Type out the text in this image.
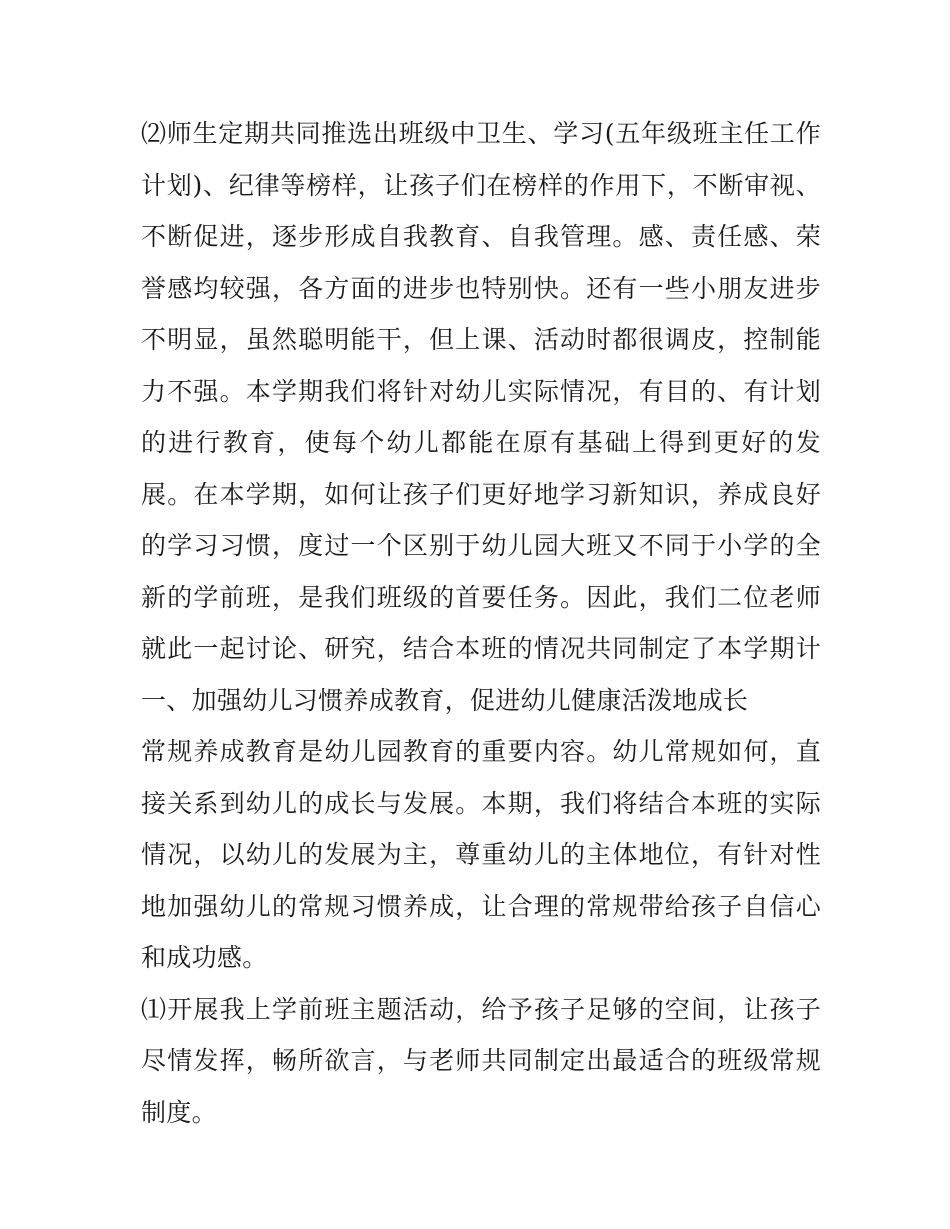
⑵师生定期共同推选出班级中卫生、学习(五年级班主任工作计划)、纪律等榜样，让孩子们在榜样的作用下，不断审视、不断促进，逐步形成自我教育、自我管理。感、责任感、荣誉感均较强，各方面的进步也特别快。还有一些小朋友进步不明显，虽然聪明能干，但上课、活动时都很调皮，控制能力不强。本学期我们将针对幼儿实际情况，有目的、有计划的进行教育，使每个幼儿都能在原有基础上得到更好的发展。在本学期，如何让孩子们更好地学习新知识，养成良好的学习习惯，度过一个区别于幼儿园大班又不同于小学的全新的学前班，是我们班级的首要任务。因此，我们二位老师就此一起讨论、研究，结合本班的情况共同制定了本学期计一、加强幼儿习惯养成教育，促进幼儿健康活泼地成长

常规养成教育是幼儿园教育的重要内容。幼儿常规如何，直接关系到幼儿的成长与发展。本期，我们将结合本班的实际情况，以幼儿的发展为主，尊重幼儿的主体地位，有针对性地加强幼儿的常规习惯养成，让合理的常规带给孩子自信心和成功感。

⑴开展我上学前班主题活动，给予孩子足够的空间，让孩子尽情发挥，畅所欲言，与老师共同制定出最适合的班级常规制度。
